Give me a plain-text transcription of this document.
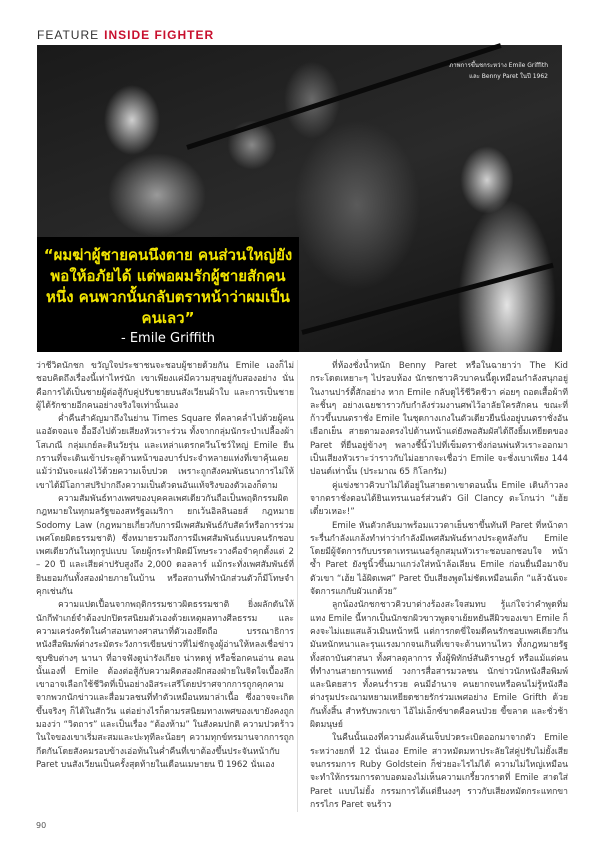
FEATURE INSIDE FIGHTER
ภาพการขึ้นชกระหว่าง Emile Griffith
และ Benny Paret ในปี 1962
“ผมฆ่าผู้ชายคนนึงตาย คนส่วนใหญ่ยังพอให้อภัยได้ แต่พอผมรักผู้ชายสักคนหนึ่ง คนพวกนั้นกลับตราหน้าว่าผมเป็นคนเลว”
- Emile Griffith

ว่าชีวิตนักชก ขวัญใจประชาชนจะชอบผู้ชายด้วยกัน Emile เองก็ไม่ชอบคิดถึงเรื่องนี้เท่าไหร่นัก เขาเพียงแค่มีความสุขอยู่กับสองอย่าง นั่นคือการได้เป็นชายผู้ต่อสู้กับคู่ปรับชายบนสังเวียนผ้าใบ และการเป็นชายผู้ได้รักชายอีกคนอย่างจริงใจเท่านั้นเอง

ค่ำคืนสำคัญมาถึงในย่าน Times Square ที่คลาคล่ำไปด้วยผู้คนแออัดจอแจ อื้ออึงไปด้วยเสียงหัวเราะร่วน ทั้งจากกลุ่มนักระบำเปลื้องผ้า โสเภณี กลุ่มเกย์ละตินวัยรุ่น และเหล่าแดรกควีนโชว์ใหญ่ Emile ยืนกรานที่จะเดินเข้าประตูด้านหน้าของบาร์ประจำหลายแห่งที่เขาคุ้นเคย แม้ว่ามันจะแฝงไว้ด้วยความเจ็บปวด เพราะถูกสังคมพันธนาการไม่ให้เขาได้มีโอกาสปริปากถึงความเป็นตัวตนอันแท้จริงของตัวเองก็ตาม

ความสัมพันธ์ทางเพศของบุคคลเพศเดียวกันถือเป็นพฤติกรรมผิดกฎหมายในทุกมลรัฐของสหรัฐอเมริกา ยกเว้นอิลลินอยส์ กฎหมาย Sodomy Law (กฎหมายเกี่ยวกับการมีเพศสัมพันธ์กับสัตว์หรือการร่วมเพศโดยผิดธรรมชาติ) ซึ่งหมายรวมถึงการมีเพศสัมพันธ์แบบคนรักชอบเพศเดียวกันในทุกรูปแบบ โดยผู้กระทำผิดมีโทษระวางคือจำคุกตั้งแต่ 2 – 20 ปี และเสียค่าปรับสูงถึง 2,000 ดอลลาร์ แม้กระทั่งเพศสัมพันธ์ที่ยินยอมกันทั้งสองฝ่ายภายในบ้าน หรือสถานที่พำนักส่วนตัวก็มีโทษจำคุกเช่นกัน

ความแปดเปื้อนจากพฤติกรรมชาวผิดธรรมชาติ ยิ่งผลักดันให้นักกีฬาเกย์จำต้องปกปิดรสนิยมตัวเองด้วยเหตุผลทางศีลธรรม และความเคร่งครัดในคำสอนทางศาสนาที่ตัวเองยึดถือ บรรณาธิการหนังสือพิมพ์ต่างระมัดระวังการเขียนข่าวที่ไม่ชักจูงผู้อ่านให้หลงเชื่อข่าวซุบซิบต่างๆ นานา ที่อาจฟังดูน่ารังเกียจ น่าหดหู่ หรือช็อกคนอ่าน ตอนนั้นเองที่ Emile ต้องต่อสู้กับความคิดสองฝักสองฝ่ายในจิตใจเบื้องลึก เขาอาจเลือกใช้ชีวิตที่เป็นอย่างอิสระเสรีโดยปราศจากการถูกคุกคามจากพวกนักข่าวและสื่อมวลชนที่ทำตัวเหมือนหมาล่าเนื้อ ซึ่งอาจจะเกิดขึ้นจริงๆ ก็ได้ในสักวัน แต่อย่างไรก็ตามรสนิยมทางเพศของเขายังคงถูกมองว่า “วิตถาร” และเป็นเรื่อง “ต้องห้าม” ในสังคมปกติ ความปวดร้าวในใจของเขาเริ่มสะสมและปะทุทีละน้อยๆ ความทุกข์ทรมานจากการถูกกีดกันโดยสังคมรอบข้างเอ่อท้นในค่ำคืนที่เขาต้องขึ้นประจันหน้ากับ Paret บนสังเวียนเป็นครั้งสุดท้ายในเดือนเมษายน ปี 1962 นั่นเอง

ที่ห้องชั่งน้ำหนัก Benny Paret หรือในฉายาว่า The Kid กระโดดเหยาะๆ ไปรอบห้อง นักชกชาวคิวบาคนนี้ดูเหมือนกำลังสนุกอยู่ในงานปาร์ตี้สักอย่าง หาก Emile กลับดูไร้ชีวิตชีวา ค่อยๆ ถอดเสื้อผ้าทีละชิ้นๆ อย่างเฉยชาราวกับกำลังร่วมงานศพไว้อาลัยใครสักคน ขณะที่ก้าวขึ้นบนตราชั่ง Emile ในชุดกางเกงในตัวเดียวยืนนิ่งอยู่บนตราชั่งอันเยือกเย็น สายตามองตรงไปด้านหน้าแต่ยังพอสัมผัสได้ถึงยิ้มเหยียดของ Paret ที่ยืนอยู่ข้างๆ พลางชี้นิ้วไปที่เข็มตราชั่งก่อนพ่นหัวเราะออกมา เป็นเสียงหัวเราะว่าราวกับไม่อยากจะเชื่อว่า Emile จะชั่งเบาเพียง 144 ปอนด์เท่านั้น (ประมาณ 65 กิโลกรัม)

คู่แข่งชาวคิวบาไม่ได้อยู่ในสายตาเขาตอนนั้น Emile เดินก้าวลงจากตราชั่งตอนได้ยินเทรนเนอร์ส่วนตัว Gil Clancy ตะโกนว่า “เฮ้ย เดี๋ยวเหอะ!”

Emile หันตัวกลับมาพร้อมแววตาเย็นชาขึ้นทันที Paret ที่หน้าตาระรื่นกำลังแกล้งทำท่าว่ากำลังมีเพศสัมพันธ์ทางประตูหลังกับ Emile โดยมีผู้จัดการกับบรรดาเทรนเนอร์ลูกสมุนหัวเราะชอบอกชอบใจ หน้าซ้ำ Paret ยังชูนิ้วขึ้นมาแกว่งใส่หน้าล้อเลียน Emile ก่อนยื่นมือมาจับตัวเขา “เฮ้ย ไอ้ผิดเพศ” Paret บีบเสียงพูดไม่ชัดเหมือนเด็ก “แล้วฉันจะจัดการแกกับผัวแกด้วย”

ลูกน้องนักชกชาวคิวบาต่างร้องสะใจสมทบ รู้แก่ใจว่าคำพูดทิ่มแทง Emile นี้หากเป็นนักชกผิวขาวพูดจาเย้ยหยันสีผิวของเขา Emile ก็คงจะไม่แยแสแล้วเมินหน้าหนี แต่การกดขี่ใจมดีคนรักชอบเพศเดียวกันมันหนักหนาและรุนแรงมากจนเกินที่เขาจะต้านทานไหว ทั้งกฎหมายรัฐ ทั้งสถาบันศาสนา ทั้งศาลตุลาการ ทั้งผู้พิทักษ์สันติราษฎร์ หรือแม้แต่คนที่ทำงานสายการแพทย์ วงการสื่อสารมวลชน นักข่าวนักหนังสือพิมพ์และนิตยสาร ทั้งคนร่ำรวย คนมีอำนาจ คนยากจนหรือคนไม่รู้หนังสือ ต่างรุมประณามหยามเหยียดชายรักร่วมเพศอย่าง Emile Grifth ด้วยกันทั้งสิ้น สำหรับพวกเขา ไอ้ไม่เอ็กซ์ขาดคือคนป่วย ขี้ขลาด และชั่วช้าผิดมนุษย์

ในคืนนั้นเองที่ความคั่งแค้นเจ็บปวดระเบิดออกมาจากตัว Emile ระหว่างยกที่ 12 นั่นเอง Emile สาวหมัดมหาประลัยใส่คู่ปรับไม่ยั้งเสียจนกรรมการ Ruby Goldstein ก็ช่วยอะไรไม่ได้ ความไม่ใหญ่เหมือนจะทำให้กรรมการตาบอดมองไม่เห็นความเกรี้ยวกราดที่ Emile สาดใส่ Paret แบบไม่ยั้ง กรรมการได้แต่ยืนงงๆ ราวกับเสียงหมัดกระแทกขากรรไกร Paret จนร้าว

90
